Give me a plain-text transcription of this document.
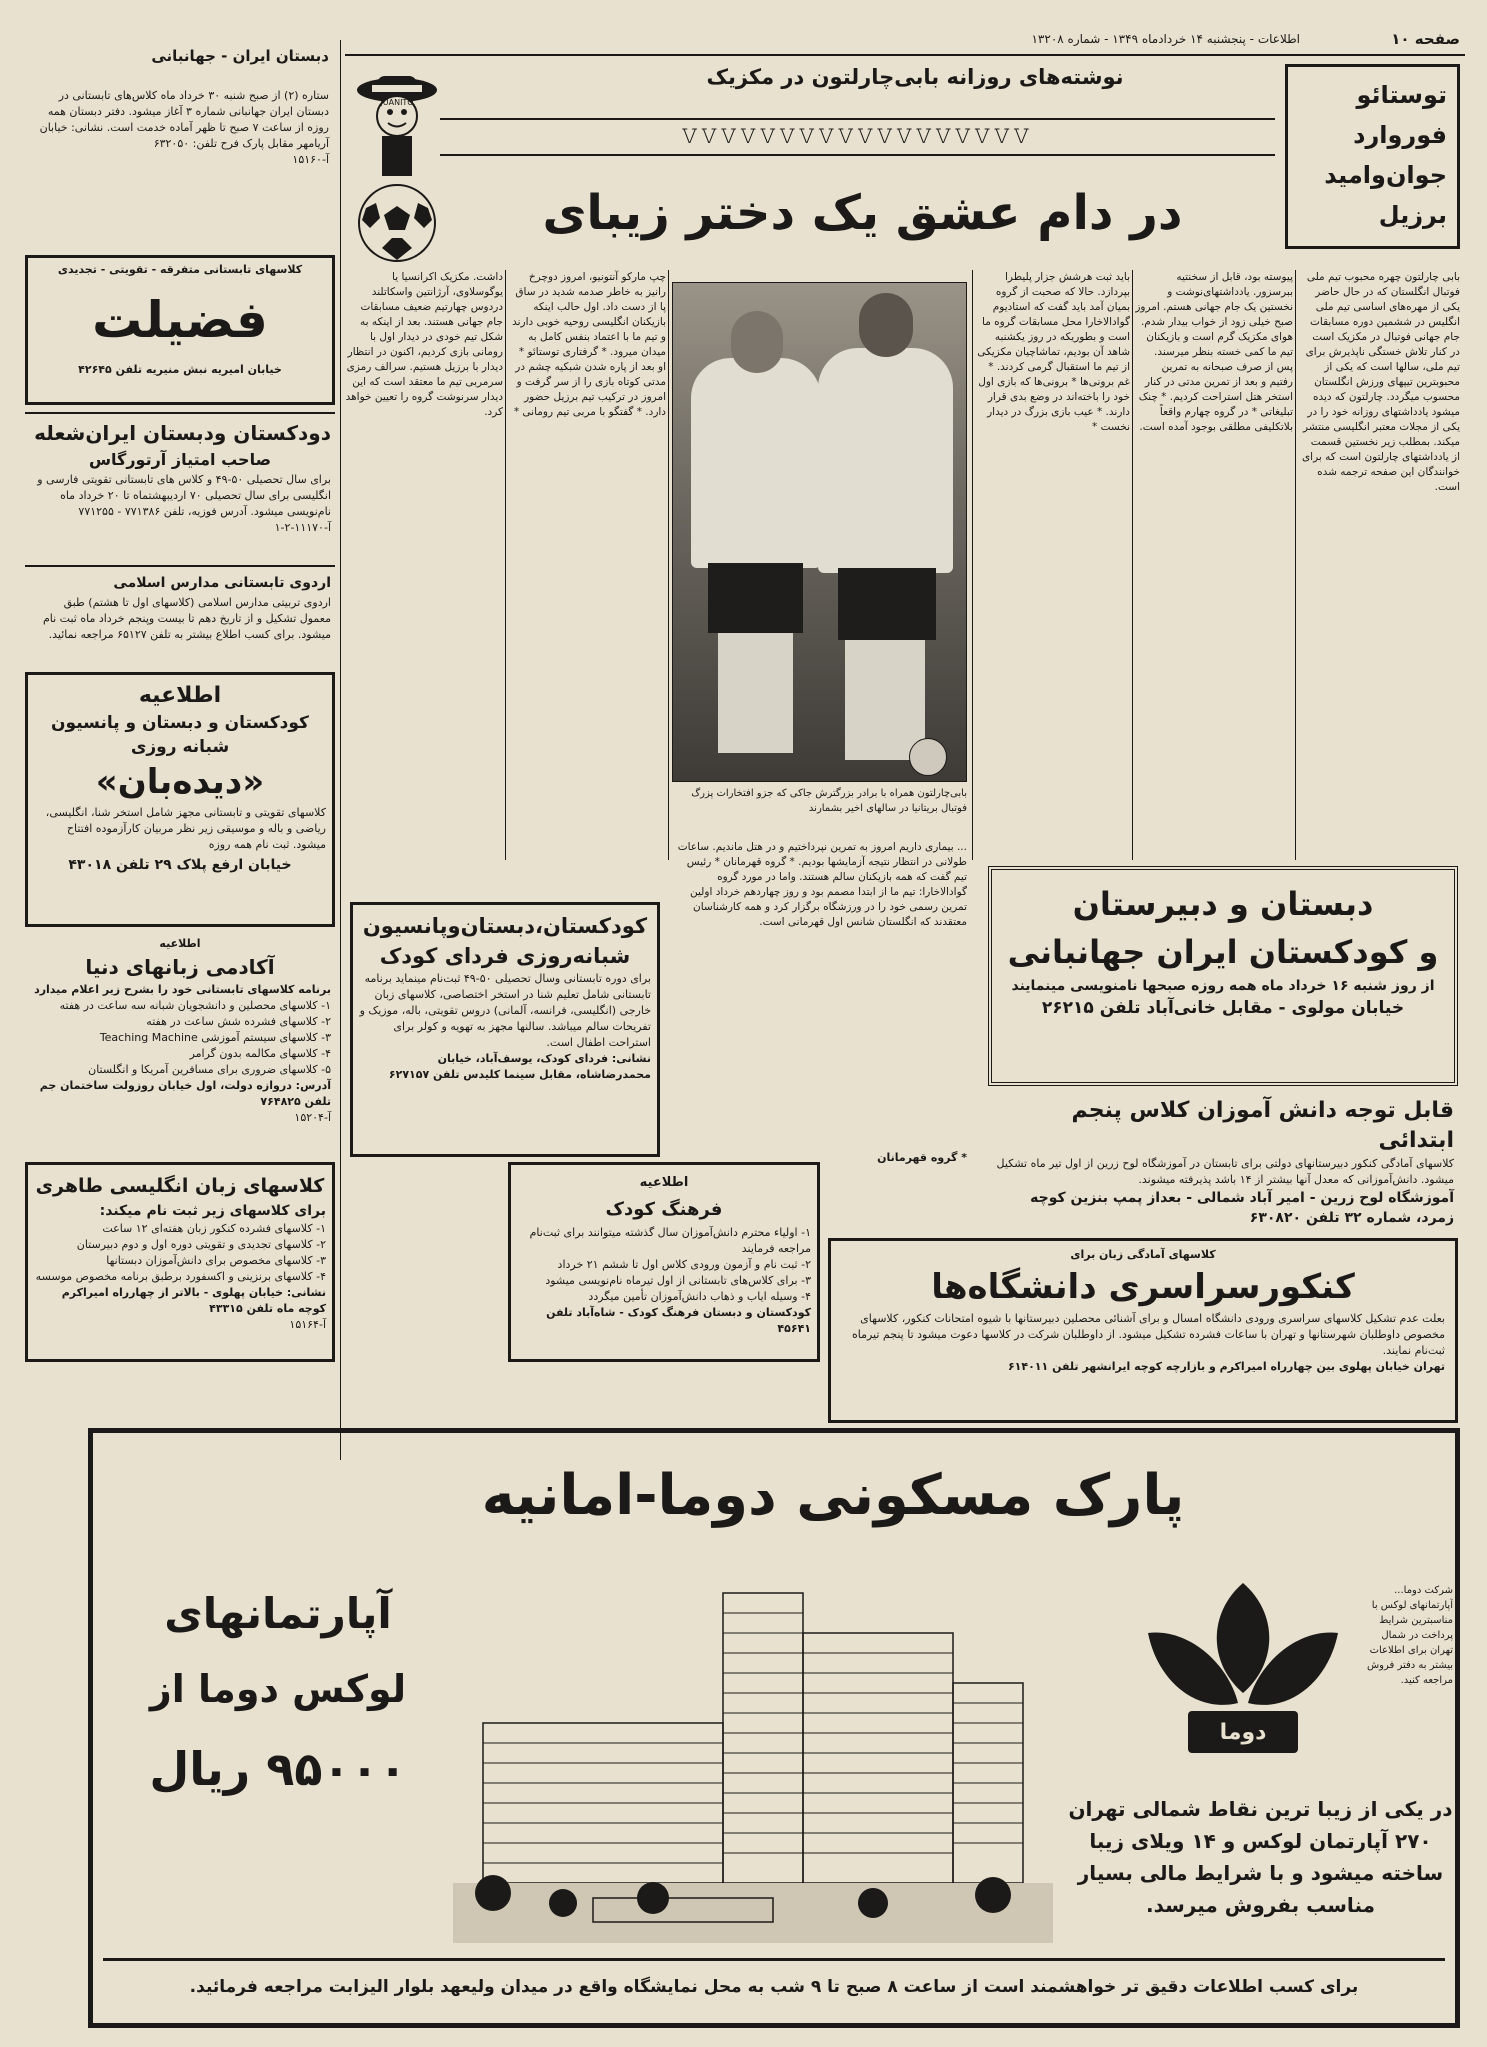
صفحه ۱۰
اطلاعات - پنجشنبه ۱۴ خردادماه ۱۳۴۹ - شماره ۱۳۲۰۸
توستائو
فوروارد
جوان‌وامید
برزیل
نوشته‌های روزانه بابی‌چارلتون در مکزیک
𝚅𝚅𝚅𝚅𝚅𝚅𝚅𝚅𝚅𝚅𝚅𝚅𝚅𝚅𝚅𝚅𝚅𝚅
در دام عشق یک دختر زیبای
JUANITO
بابی چارلتون چهره محبوب تیم ملی فوتبال انگلستان که در حال حاضر یکی از مهره‌های اساسی تیم ملی انگلیس در ششمین دوره مسابقات جام جهانی فوتبال در مکزیک است در کنار تلاش خستگی ناپذیرش برای تیم ملی، سالها است که یکی از محبوبترین تیپهای ورزش انگلستان محسوب میگردد. چارلتون که دیده میشود یادداشتهای روزانه خود را در یکی از مجلات معتبر انگلیسی منتشر میکند. بمطلب زیر نخستین قسمت از یادداشتهای چارلتون است که برای خوانندگان این صفحه ترجمه شده است.
پیوسته بود، قابل از سخنتیه ببرسزور. یادداشتهای‌نوشت و نخستین یک جام جهانی هستم. امروز صبح خیلی زود از خواب بیدار شدم. هوای مکزیک گرم است و بازیکنان تیم ما کمی خسته بنظر میرسند. پس از صرف صبحانه به تمرین رفتیم و بعد از تمرین مدتی در کنار استخر هتل استراحت کردیم. * چنک تبلیغاتی * در گروه چهارم واقعاً بلاتکلیفی مطلقی بوجود آمده است.
باید ثبت هرشش جزار پلیطرا بپردازد. حالا که صحبت از گروه بمیان آمد باید گفت که استادیوم گوادالاخارا محل مسابقات گروه ما است و بطوریکه در روز یکشنبه شاهد آن بودیم، تماشاچیان مکزیکی از تیم ما استقبال گرمی کردند. * غم برونی‌ها * برونی‌ها که بازی اول خود را باخته‌اند در وضع بدی قرار دارند. * عیب بازی بزرگ در دیدار نخست *
بابی‌چارلتون همراه با برادر بزرگترش جاکی که جزو افتخارات پزرگ فوتبال بریتانیا در سالهای اخیر بشمارند
چپ مارکو آنتونیو، امروز دوچرخ رانیز به خاطر صدمه شدید در ساق پا از دست داد. اول حالب اینکه بازیکنان انگلیسی روحیه خوبی دارند و تیم ما با اعتماد بنفس کامل به میدان میرود. * گرفتاری توستائو * او بعد از پاره شدن شبکیه چشم در مدتی کوتاه بازی را از سر گرفت و امروز در ترکیب تیم برزیل حضور دارد. * گفتگو با مربی تیم رومانی *
داشت. مکزیک اکرانسیا یا یوگوسلاوی، آرژانتین واسکاتلند دردوس چهارتیم ضعیف مسابقات جام جهانی هستند. بعد از اینکه به شکل تیم خودی در دیدار اول با رومانی بازی کردیم، اکنون در انتظار دیدار با برزیل هستیم. سرالف رمزی سرمربی تیم ما معتقد است که این دیدار سرنوشت گروه را تعیین خواهد کرد.
... بیماری داریم امروز به تمرین نپرداختیم و در هتل ماندیم. ساعات طولانی در انتظار نتیجه آزمایشها بودیم. * گروه قهرمانان * رئیس تیم گفت که همه بازیکنان سالم هستند. واما در مورد گروه گوادالاخارا: تیم ما از ابتدا مصمم بود و روز چهاردهم خرداد اولین تمرین رسمی خود را در ورزشگاه برگزار کرد و همه کارشناسان معتقدند که انگلستان شانس اول قهرمانی است.
* گروه قهرمانان
دبستان ایران - جهانبانی
ستاره (۲) از صبح شنبه ۳۰ خرداد ماه کلاس‌های تابستانی در دبستان ایران جهانبانی شماره ۳ آغاز میشود. دفتر دبستان همه روزه از ساعت ۷ صبح تا ظهر آماده خدمت است. نشانی: خیابان آریامهر مقابل پارک فرح تلفن: ۶۳۲۰۵۰
آ-۱۵۱۶۰
کلاسهای تابستانی متفرقه - تقویتی - تجدیدی
فضیلت
خیابان امیریه نبش منیریه تلفن ۴۲۶۴۵
دودکستان ودبستان ایران‌شعله
صاحب امتیاز آرتورگاس
برای سال تحصیلی ۵۰-۴۹ و کلاس های تابستانی تقویتی فارسی و انگلیسی برای سال تحصیلی ۷۰ اردیبهشتماه تا ۲۰ خرداد ماه نام‌نویسی میشود. آدرس فوزیه، تلفن ۷۷۱۳۸۶ - ۷۷۱۲۵۵
آ-۱۱۱۷۰-۲-۱
اردوی تابستانی مدارس اسلامی
اردوی تربیتی مدارس اسلامی (کلاسهای اول تا هشتم) طبق معمول تشکیل و از تاریخ دهم تا بیست وپنجم خرداد ماه ثبت نام میشود. برای کسب اطلاع بیشتر به تلفن ۶۵۱۲۷ مراجعه نمائید.
اطلاعیه
کودکستان و دبستان و پانسیون شبانه روزی
«دیده‌بان»
کلاسهای تقویتی و تابستانی مجهز شامل استخر شنا، انگلیسی، ریاضی و باله و موسیقی زیر نظر مربیان کارآزموده افتتاح میشود. ثبت نام همه روزه
خیابان ارفع پلاک ۲۹ تلفن ۴۳۰۱۸
اطلاعیه
آکادمی زبانهای دنیا
برنامه کلاسهای تابستانی خود را بشرح زیر اعلام میدارد
۱- کلاسهای محصلین و دانشجویان شبانه سه ساعت در هفته
۲- کلاسهای فشرده شش ساعت در هفته
۳- کلاسهای سیستم آموزشی Teaching Machine
۴- کلاسهای مکالمه بدون گرامر
۵- کلاسهای ضروری برای مسافرین آمریکا و انگلستان
آدرس: دروازه دولت، اول خیابان روزولت ساختمان جم تلفن ۷۶۴۸۲۵
آ-۱۵۲۰۴
کلاسهای زبان انگلیسی طاهری
برای کلاسهای زیر ثبت نام میکند:
۱- کلاسهای فشرده کنکور زبان هفته‌ای ۱۲ ساعت
۲- کلاسهای تجدیدی و تقویتی دوره اول و دوم دبیرستان
۳- کلاسهای مخصوص برای دانش‌آموزان دبستانها
۴- کلاسهای برنزینی و اکسفورد برطبق برنامه مخصوص موسسه
نشانی: خیابان پهلوی - بالاتر از چهارراه امیراکرم کوچه ماه تلفن ۴۳۳۱۵
آ-۱۵۱۶۴
کودکستان،دبستان‌وپانسیون
شبانه‌روزی فردای کودک
برای دوره تابستانی وسال تحصیلی ۵۰-۴۹ ثبت‌نام مینماید برنامه تابستانی شامل تعلیم شنا در استخر اختصاصی، کلاسهای زبان خارجی (انگلیسی، فرانسه، آلمانی) دروس تقویتی، باله، موزیک و تفریحات سالم میباشد. سالنها مجهز به تهویه و کولر برای استراحت اطفال است.
نشانی: فردای کودک، یوسف‌آباد، خیابان محمدرضاشاه، مقابل سینما کلیدس تلفن ۶۲۷۱۵۷
اطلاعیه
فرهنگ کودک
۱- اولیاء محترم دانش‌آموزان سال گذشته میتوانند برای ثبت‌نام مراجعه فرمایند
۲- ثبت نام و آزمون ورودی کلاس اول تا ششم ۲۱ خرداد
۳- برای کلاس‌های تابستانی از اول تیرماه نام‌نویسی میشود
۴- وسیله ایاب و ذهاب دانش‌آموزان تأمین میگردد
کودکستان و دبستان فرهنگ کودک - شاه‌آباد تلفن ۴۵۶۴۱
دبستان و دبیرستان
و کودکستان ایران جهانبانی
از روز شنبه ۱۶ خرداد ماه همه روزه صبحها نامنویسی مینمایند
خیابان مولوی - مقابل خانی‌آباد تلفن ۲۶۲۱۵
قابل توجه دانش آموزان کلاس پنجم ابتدائی
کلاسهای آمادگی کنکور دبیرستانهای دولتی برای تابستان در آموزشگاه لوح زرین از اول تیر ماه تشکیل میشود. دانش‌آموزانی که معدل آنها بیشتر از ۱۴ باشد پذیرفته میشوند.
آموزشگاه لوح زرین - امیر آباد شمالی - بعداز پمپ بنزین کوچه زمرد، شماره ۳۲ تلفن ۶۳۰۸۲۰
کلاسهای آمادگی زبان برای
کنکورسراسری دانشگاه‌ها
بعلت عدم تشکیل کلاسهای سراسری ورودی دانشگاه امسال و برای آشنائی محصلین دبیرستانها با شیوه امتحانات کنکور، کلاسهای مخصوص داوطلبان شهرستانها و تهران با ساعات فشرده تشکیل میشود. از داوطلبان شرکت در کلاسها دعوت میشود تا پنجم تیرماه ثبت‌نام نمایند.
تهران خیابان پهلوی بین چهارراه امیراکرم و بازارچه کوچه ایرانشهر تلفن ۶۱۴۰۱۱
پارک مسکونی دوما-امانیه
آپارتمانهای
لوکس دوما از
۹۵۰۰۰ ریال
دوما
شرکت دوما... آپارتمانهای لوکس با مناسبترین شرایط پرداخت در شمال تهران برای اطلاعات بیشتر به دفتر فروش مراجعه کنید.
در یکی از زیبا ترین نقاط شمالی تهران ۲۷۰ آپارتمان لوکس و ۱۴ ویلای زیبا ساخته میشود و با شرایط مالی بسیار مناسب بفروش میرسد.
برای کسب اطلاعات دقیق تر خواهشمند است از ساعت ۸ صبح تا ۹ شب به محل نمایشگاه واقع در میدان ولیعهد بلوار الیزابت مراجعه فرمائید.
